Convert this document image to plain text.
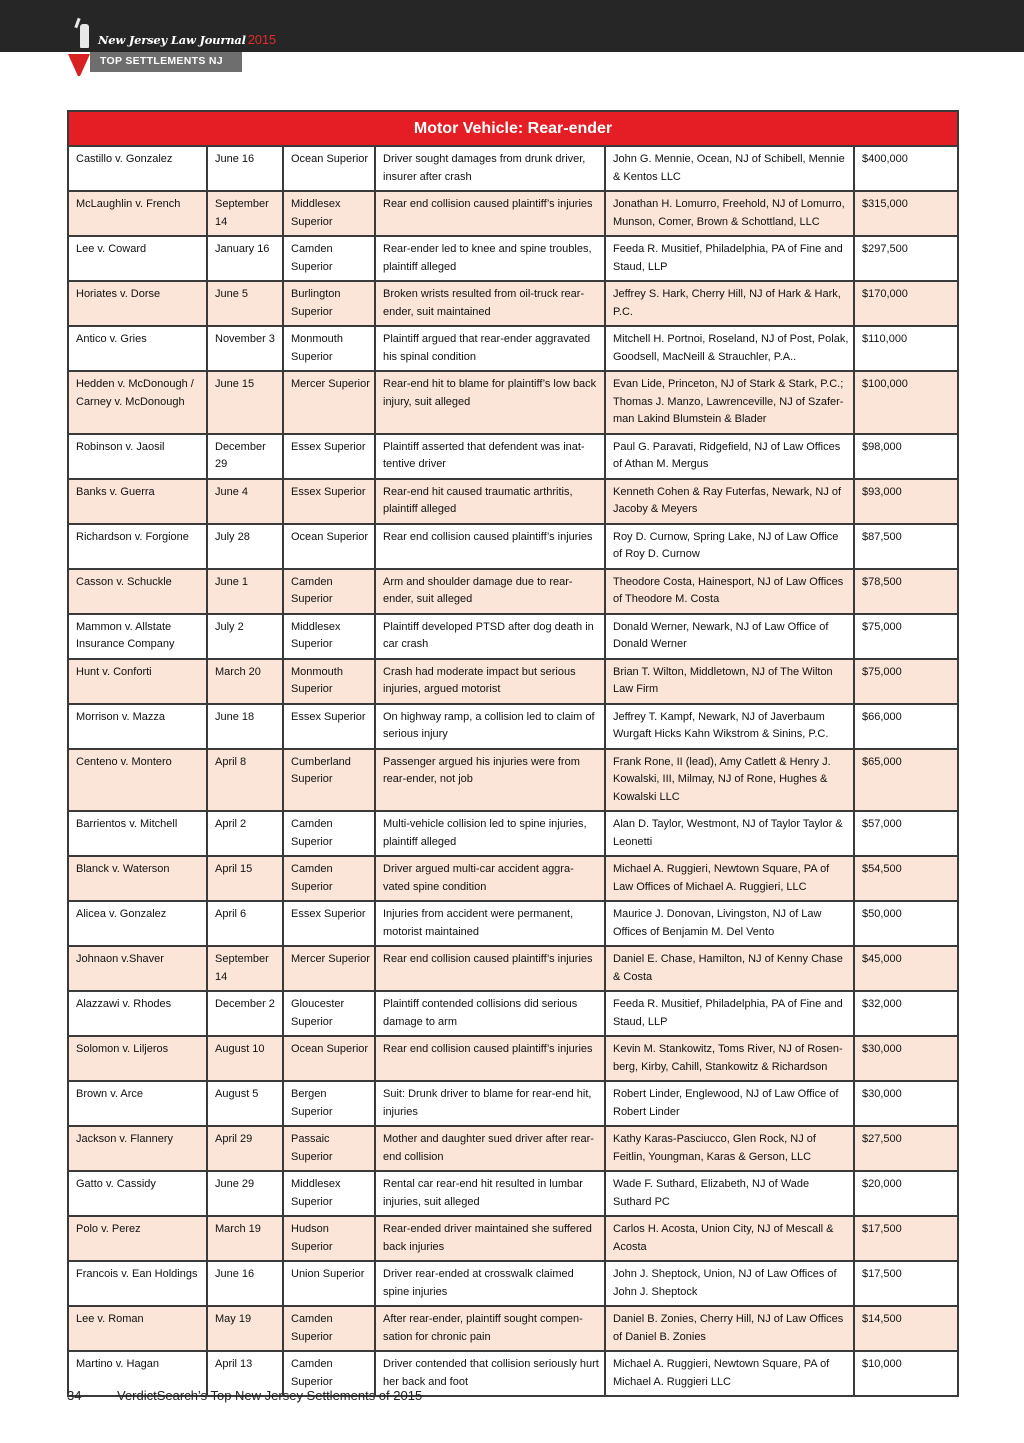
New Jersey Law Journal 2015
TOP SETTLEMENTS NJ
Motor Vehicle: Rear-ender
Castillo v. Gonzalez	June 16	Ocean Superior	Driver sought damages from drunk driver, insurer after crash	John G. Mennie, Ocean, NJ of Schibell, Mennie & Kentos LLC	$400,000
McLaughlin v. French	September 14	Middlesex Superior	Rear end collision caused plaintiff’s injuries	Jonathan H. Lomurro, Freehold, NJ of Lomurro, Munson, Comer, Brown & Schottland, LLC	$315,000
Lee v. Coward	January 16	Camden Superior	Rear-ender led to knee and spine troubles, plaintiff alleged	Feeda R. Musitief, Philadelphia, PA of Fine and Staud, LLP	$297,500
Horiates v. Dorse	June 5	Burlington Superior	Broken wrists resulted from oil-truck rear-ender, suit maintained	Jeffrey S. Hark, Cherry Hill, NJ of Hark & Hark, P.C.	$170,000
Antico v. Gries	November 3	Monmouth Superior	Plaintiff argued that rear-ender aggravated his spinal condition	Mitchell H. Portnoi, Roseland, NJ of Post, Polak, Goodsell, MacNeill & Strauchler, P.A..	$110,000
Hedden v. McDonough / Carney v. McDonough	June 15	Mercer Superior	Rear-end hit to blame for plaintiff’s low back injury, suit alleged	Evan Lide, Princeton, NJ of Stark & Stark, P.C.; Thomas J. Manzo, Lawrenceville, NJ of Szafer-man Lakind Blumstein & Blader	$100,000
Robinson v. Jaosil	December 29	Essex Superior	Plaintiff asserted that defendent was inat-tentive driver	Paul G. Paravati, Ridgefield, NJ of Law Offices of Athan M. Mergus	$98,000
Banks v. Guerra	June 4	Essex Superior	Rear-end hit caused traumatic arthritis, plaintiff alleged	Kenneth Cohen & Ray Futerfas, Newark, NJ of Jacoby & Meyers	$93,000
Richardson v. Forgione	July 28	Ocean Superior	Rear end collision caused plaintiff’s injuries	Roy D. Curnow, Spring Lake, NJ of Law Office of Roy D. Curnow	$87,500
Casson v. Schuckle	June 1	Camden Superior	Arm and shoulder damage due to rear-ender, suit alleged	Theodore Costa, Hainesport, NJ of Law Offices of Theodore M. Costa	$78,500
Mammon v. Allstate Insurance Company	July 2	Middlesex Superior	Plaintiff developed PTSD after dog death in car crash	Donald Werner, Newark, NJ of Law Office of Donald Werner	$75,000
Hunt v. Conforti	March 20	Monmouth Superior	Crash had moderate impact but serious injuries, argued motorist	Brian T. Wilton, Middletown, NJ of The Wilton Law Firm	$75,000
Morrison v. Mazza	June 18	Essex Superior	On highway ramp, a collision led to claim of serious injury	Jeffrey T. Kampf, Newark, NJ of Javerbaum Wurgaft Hicks Kahn Wikstrom & Sinins, P.C.	$66,000
Centeno v. Montero	April 8	Cumberland Superior	Passenger argued his injuries were from rear-ender, not job	Frank Rone, II (lead), Amy Catlett & Henry J. Kowalski, III, Milmay, NJ of Rone, Hughes & Kowalski LLC	$65,000
Barrientos v. Mitchell	April 2	Camden Superior	Multi-vehicle collision led to spine injuries, plaintiff alleged	Alan D. Taylor, Westmont, NJ of Taylor Taylor & Leonetti	$57,000
Blanck v. Waterson	April 15	Camden Superior	Driver argued multi-car accident aggra-vated spine condition	Michael A. Ruggieri, Newtown Square, PA of Law Offices of Michael A. Ruggieri, LLC	$54,500
Alicea v. Gonzalez	April 6	Essex Superior	Injuries from accident were permanent, motorist maintained	Maurice J. Donovan, Livingston, NJ of Law Offices of Benjamin M. Del Vento	$50,000
Johnaon v.Shaver	September 14	Mercer Superior	Rear end collision caused plaintiff’s injuries	Daniel E. Chase, Hamilton, NJ of Kenny Chase & Costa	$45,000
Alazzawi v. Rhodes	December 2	Gloucester Superior	Plaintiff contended collisions did serious damage to arm	Feeda R. Musitief, Philadelphia, PA of Fine and Staud, LLP	$32,000
Solomon v. Liljeros	August 10	Ocean Superior	Rear end collision caused plaintiff’s injuries	Kevin M. Stankowitz, Toms River, NJ of Rosen-berg, Kirby, Cahill, Stankowitz & Richardson	$30,000
Brown v. Arce	August 5	Bergen Superior	Suit: Drunk driver to blame for rear-end hit, injuries	Robert Linder, Englewood, NJ of Law Office of Robert Linder	$30,000
Jackson v. Flannery	April 29	Passaic Superior	Mother and daughter sued driver after rear-end collision	Kathy Karas-Pasciucco, Glen Rock, NJ of Feitlin, Youngman, Karas & Gerson, LLC	$27,500
Gatto v. Cassidy	June 29	Middlesex Superior	Rental car rear-end hit resulted in lumbar injuries, suit alleged	Wade F. Suthard, Elizabeth, NJ of Wade Suthard PC	$20,000
Polo v. Perez	March 19	Hudson Superior	Rear-ended driver maintained she suffered back injuries	Carlos H. Acosta, Union City, NJ of Mescall & Acosta	$17,500
Francois v. Ean Holdings	June 16	Union Superior	Driver rear-ended at crosswalk claimed spine injuries	John J. Sheptock, Union, NJ of Law Offices of John J. Sheptock	$17,500
Lee v. Roman	May 19	Camden Superior	After rear-ender, plaintiff sought compen-sation for chronic pain	Daniel B. Zonies, Cherry Hill, NJ of Law Offices of Daniel B. Zonies	$14,500
Martino v. Hagan	April 13	Camden Superior	Driver contended that collision seriously hurt her back and foot	Michael A. Ruggieri, Newtown Square, PA of Michael A. Ruggieri LLC	$10,000
34	VerdictSearch’s Top New Jersey Settlements of 2015
